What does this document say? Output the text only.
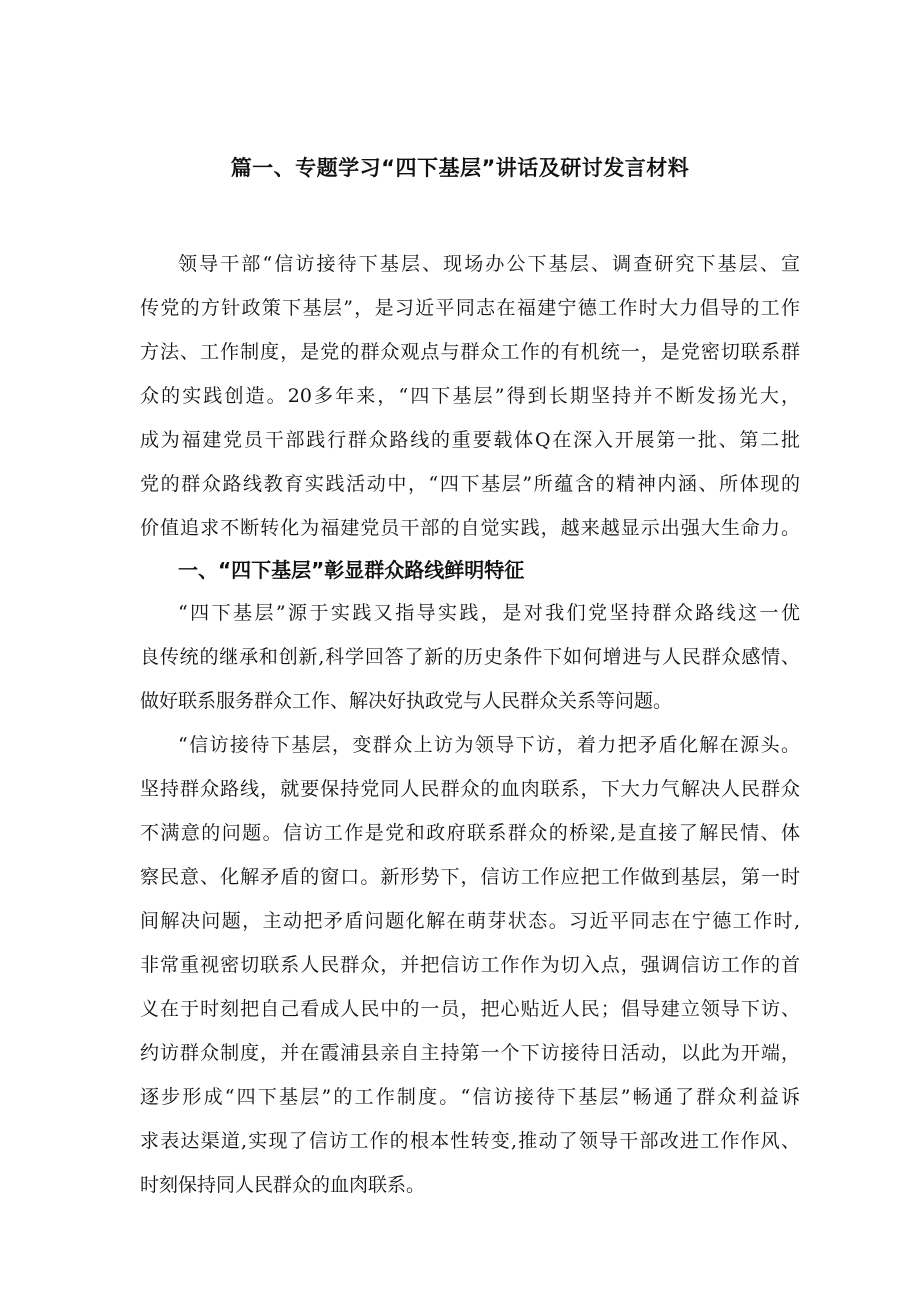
篇一、专题学习“四下基层”讲话及研讨发言材料
领导干部“信访接待下基层、现场办公下基层、调查研究下基层、宣
传党的方针政策下基层”，是习近平同志在福建宁德工作时大力倡导的工作
方法、工作制度，是党的群众观点与群众工作的有机统一，是党密切联系群
众的实践创造。20多年来，“四下基层”得到长期坚持并不断发扬光大，
成为福建党员干部践行群众路线的重要载体Q在深入开展第一批、第二批
党的群众路线教育实践活动中，“四下基层”所蕴含的精神内涵、所体现的
价值追求不断转化为福建党员干部的自觉实践，越来越显示出强大生命力。
一、“四下基层”彰显群众路线鲜明特征
“四下基层”源于实践又指导实践，是对我们党坚持群众路线这一优
良传统的继承和创新,科学回答了新的历史条件下如何增进与人民群众感情、
做好联系服务群众工作、解决好执政党与人民群众关系等问题。
“信访接待下基层，变群众上访为领导下访，着力把矛盾化解在源头。
坚持群众路线，就要保持党同人民群众的血肉联系，下大力气解决人民群众
不满意的问题。信访工作是党和政府联系群众的桥梁,是直接了解民情、体
察民意、化解矛盾的窗口。新形势下，信访工作应把工作做到基层，第一时
间解决问题，主动把矛盾问题化解在萌芽状态。习近平同志在宁德工作时,
非常重视密切联系人民群众，并把信访工作作为切入点，强调信访工作的首
义在于时刻把自己看成人民中的一员，把心贴近人民；倡导建立领导下访、
约访群众制度，并在霞浦县亲自主持第一个下访接待日活动，以此为开端，
逐步形成“四下基层”的工作制度。“信访接待下基层”畅通了群众利益诉
求表达渠道,实现了信访工作的根本性转变,推动了领导干部改进工作作风、
时刻保持同人民群众的血肉联系。
